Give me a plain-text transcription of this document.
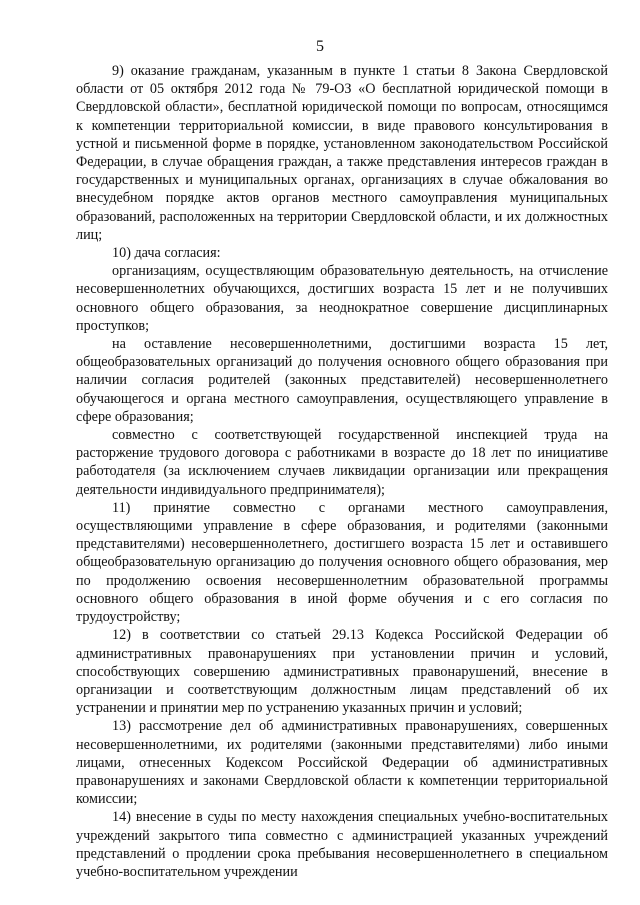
5

9) оказание гражданам, указанным в пункте 1 статьи 8 Закона Свердловской области от 05 октября 2012 года № 79-ОЗ «О бесплатной юридической помощи в Свердловской области», бесплатной юридической помощи по вопросам, относящимся к компетенции территориальной комиссии, в виде правового консультирования в устной и письменной форме в порядке, установленном законодательством Российской Федерации, в случае обращения граждан, а также представления интересов граждан в государственных и муниципальных органах, организациях в случае обжалования во внесудебном порядке актов органов местного самоуправления муниципальных образований, расположенных на территории Свердловской области, и их должностных лиц;

10) дача согласия:

организациям, осуществляющим образовательную деятельность, на отчисление несовершеннолетних обучающихся, достигших возраста 15 лет и не получивших основного общего образования, за неоднократное совершение дисциплинарных проступков;

на оставление несовершеннолетними, достигшими возраста 15 лет, общеобразовательных организаций до получения основного общего образования при наличии согласия родителей (законных представителей) несовершеннолетнего обучающегося и органа местного самоуправления, осуществляющего управление в сфере образования;

совместно с соответствующей государственной инспекцией труда на расторжение трудового договора с работниками в возрасте до 18 лет по инициативе работодателя (за исключением случаев ликвидации организации или прекращения деятельности индивидуального предпринимателя);

11) принятие совместно с органами местного самоуправления, осуществляющими управление в сфере образования, и родителями (законными представителями) несовершеннолетнего, достигшего возраста 15 лет и оставившего общеобразовательную организацию до получения основного общего образования, мер по продолжению освоения несовершеннолетним образовательной программы основного общего образования в иной форме обучения и с его согласия по трудоустройству;

12) в соответствии со статьей 29.13 Кодекса Российской Федерации об административных правонарушениях при установлении причин и условий, способствующих совершению административных правонарушений, внесение в организации и соответствующим должностным лицам представлений об их устранении и принятии мер по устранению указанных причин и условий;

13) рассмотрение дел об административных правонарушениях, совершенных несовершеннолетними, их родителями (законными представителями) либо иными лицами, отнесенных Кодексом Российской Федерации об административных правонарушениях и законами Свердловской области к компетенции территориальной комиссии;

14) внесение в суды по месту нахождения специальных учебно-воспитательных учреждений закрытого типа совместно с администрацией указанных учреждений представлений о продлении срока пребывания несовершеннолетнего в специальном учебно-воспитательном учреждении
